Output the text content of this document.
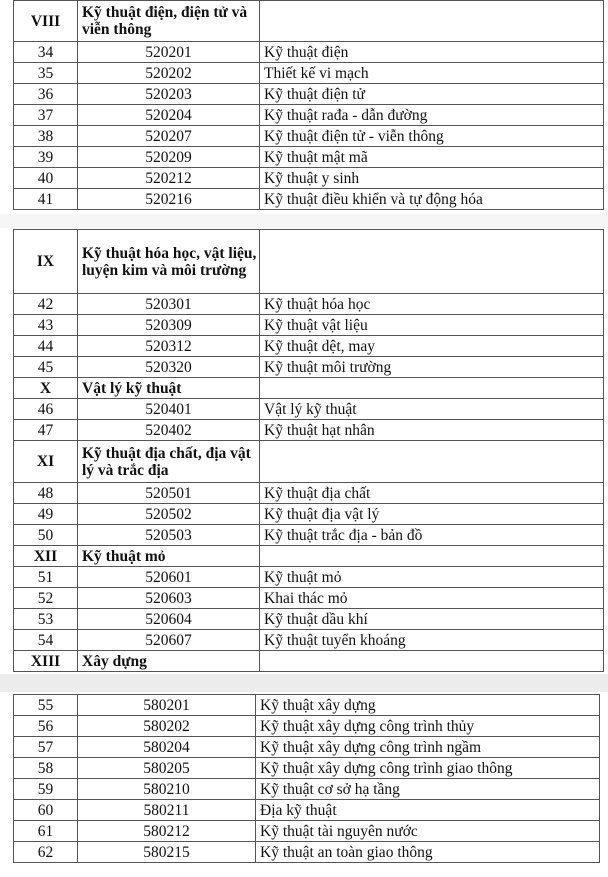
VIII	Kỹ thuật điện, điện tử và viễn thông	
34	520201	Kỹ thuật điện
35	520202	Thiết kế vi mạch
36	520203	Kỹ thuật điện tử
37	520204	Kỹ thuật rađa - dẫn đường
38	520207	Kỹ thuật điện tử - viễn thông
39	520209	Kỹ thuật mật mã
40	520212	Kỹ thuật y sinh
41	520216	Kỹ thuật điều khiển và tự động hóa
IX	Kỹ thuật hóa học, vật liệu, luyện kim và môi trường	
42	520301	Kỹ thuật hóa học
43	520309	Kỹ thuật vật liệu
44	520312	Kỹ thuật dệt, may
45	520320	Kỹ thuật môi trường
X	Vật lý kỹ thuật	
46	520401	Vật lý kỹ thuật
47	520402	Kỹ thuật hạt nhân
XI	Kỹ thuật địa chất, địa vật lý và trắc địa	
48	520501	Kỹ thuật địa chất
49	520502	Kỹ thuật địa vật lý
50	520503	Kỹ thuật trắc địa - bản đồ
XII	Kỹ thuật mỏ	
51	520601	Kỹ thuật mỏ
52	520603	Khai thác mỏ
53	520604	Kỹ thuật dầu khí
54	520607	Kỹ thuật tuyển khoáng
XIII	Xây dựng	
55	580201	Kỹ thuật xây dựng
56	580202	Kỹ thuật xây dựng công trình thủy
57	580204	Kỹ thuật xây dựng công trình ngầm
58	580205	Kỹ thuật xây dựng công trình giao thông
59	580210	Kỹ thuật cơ sở hạ tầng
60	580211	Địa kỹ thuật
61	580212	Kỹ thuật tài nguyên nước
62	580215	Kỹ thuật an toàn giao thông
